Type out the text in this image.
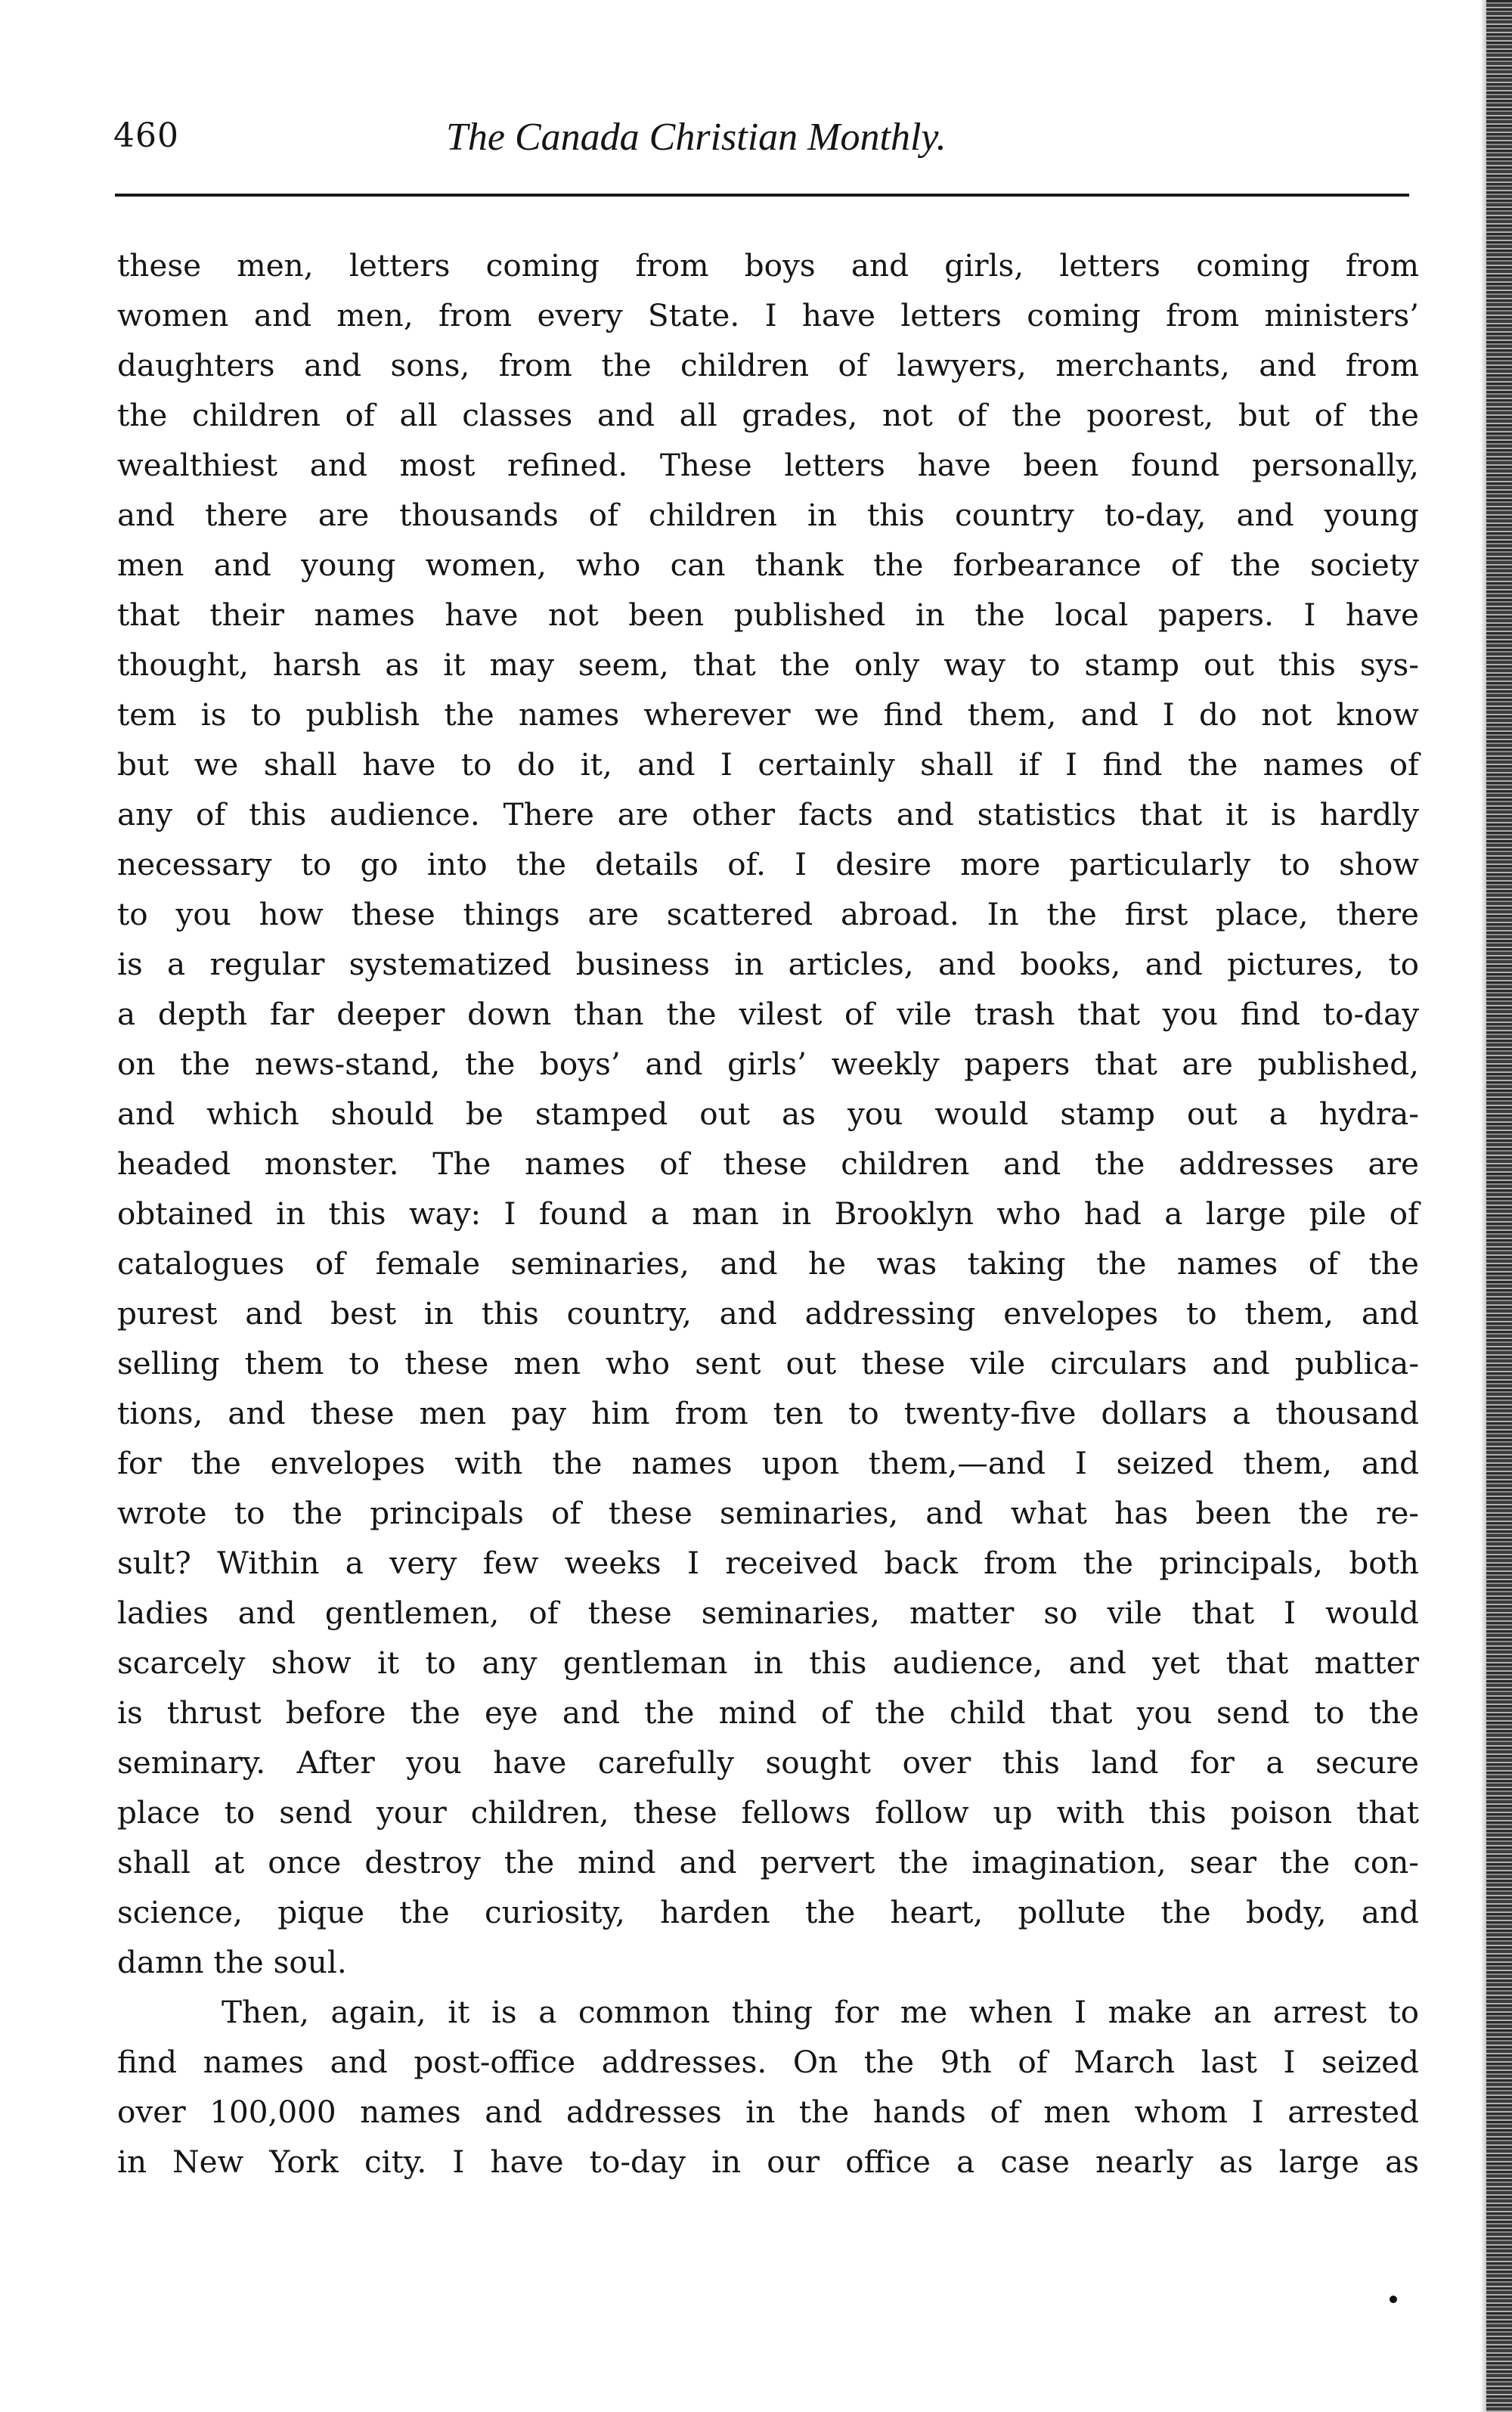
460	The Canada Christian Monthly.
these men, letters coming from boys and girls, letters coming from
women and men, from every State. I have letters coming from ministers’
daughters and sons, from the children of lawyers, merchants, and from
the children of all classes and all grades, not of the poorest, but of the
wealthiest and most refined. These letters have been found personally,
and there are thousands of children in this country to-day, and young
men and young women, who can thank the forbearance of the society
that their names have not been published in the local papers. I have
thought, harsh as it may seem, that the only way to stamp out this sys-
tem is to publish the names wherever we find them, and I do not know
but we shall have to do it, and I certainly shall if I find the names of
any of this audience. There are other facts and statistics that it is hardly
necessary to go into the details of. I desire more particularly to show
to you how these things are scattered abroad. In the first place, there
is a regular systematized business in articles, and books, and pictures, to
a depth far deeper down than the vilest of vile trash that you find to-day
on the news-stand, the boys’ and girls’ weekly papers that are published,
and which should be stamped out as you would stamp out a hydra-
headed monster. The names of these children and the addresses are
obtained in this way: I found a man in Brooklyn who had a large pile of
catalogues of female seminaries, and he was taking the names of the
purest and best in this country, and addressing envelopes to them, and
selling them to these men who sent out these vile circulars and publica-
tions, and these men pay him from ten to twenty-five dollars a thousand
for the envelopes with the names upon them,—and I seized them, and
wrote to the principals of these seminaries, and what has been the re-
sult? Within a very few weeks I received back from the principals, both
ladies and gentlemen, of these seminaries, matter so vile that I would
scarcely show it to any gentleman in this audience, and yet that matter
is thrust before the eye and the mind of the child that you send to the
seminary. After you have carefully sought over this land for a secure
place to send your children, these fellows follow up with this poison that
shall at once destroy the mind and pervert the imagination, sear the con-
science, pique the curiosity, harden the heart, pollute the body, and
damn the soul.
Then, again, it is a common thing for me when I make an arrest to
find names and post-office addresses. On the 9th of March last I seized
over 100,000 names and addresses in the hands of men whom I arrested
in New York city. I have to-day in our office a case nearly as large as
